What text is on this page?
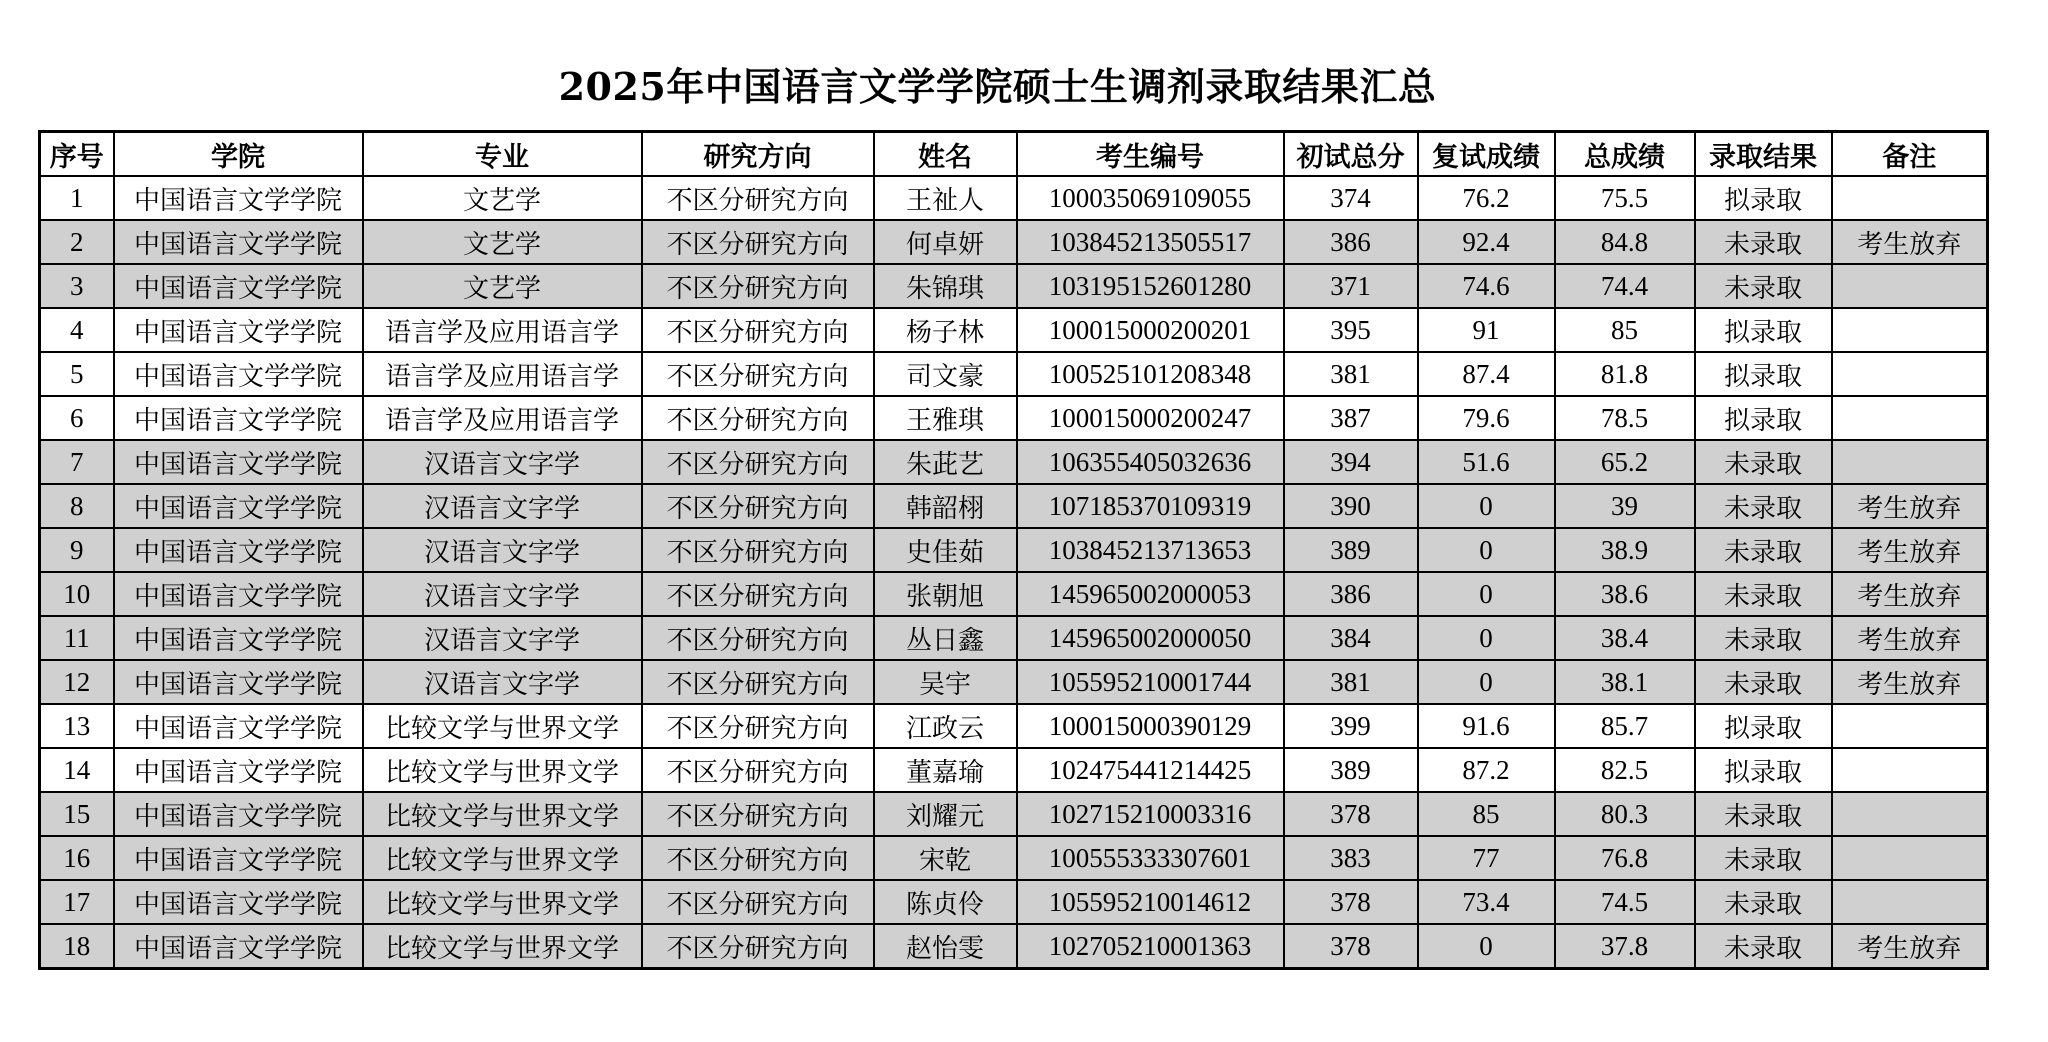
2025年中国语言文学学院硕士生调剂录取结果汇总
序号	学院	专业	研究方向	姓名	考生编号	初试总分	复试成绩	总成绩	录取结果	备注
1	中国语言文学学院	文艺学	不区分研究方向	王祉人	100035069109055	374	76.2	75.5	拟录取	
2	中国语言文学学院	文艺学	不区分研究方向	何卓妍	103845213505517	386	92.4	84.8	未录取	考生放弃
3	中国语言文学学院	文艺学	不区分研究方向	朱锦琪	103195152601280	371	74.6	74.4	未录取	
4	中国语言文学学院	语言学及应用语言学	不区分研究方向	杨子林	100015000200201	395	91	85	拟录取	
5	中国语言文学学院	语言学及应用语言学	不区分研究方向	司文豪	100525101208348	381	87.4	81.8	拟录取	
6	中国语言文学学院	语言学及应用语言学	不区分研究方向	王雅琪	100015000200247	387	79.6	78.5	拟录取	
7	中国语言文学学院	汉语言文字学	不区分研究方向	朱茈艺	106355405032636	394	51.6	65.2	未录取	
8	中国语言文学学院	汉语言文字学	不区分研究方向	韩韶栩	107185370109319	390	0	39	未录取	考生放弃
9	中国语言文学学院	汉语言文字学	不区分研究方向	史佳茹	103845213713653	389	0	38.9	未录取	考生放弃
10	中国语言文学学院	汉语言文字学	不区分研究方向	张朝旭	145965002000053	386	0	38.6	未录取	考生放弃
11	中国语言文学学院	汉语言文字学	不区分研究方向	丛日鑫	145965002000050	384	0	38.4	未录取	考生放弃
12	中国语言文学学院	汉语言文字学	不区分研究方向	吴宇	105595210001744	381	0	38.1	未录取	考生放弃
13	中国语言文学学院	比较文学与世界文学	不区分研究方向	江政云	100015000390129	399	91.6	85.7	拟录取	
14	中国语言文学学院	比较文学与世界文学	不区分研究方向	董嘉瑜	102475441214425	389	87.2	82.5	拟录取	
15	中国语言文学学院	比较文学与世界文学	不区分研究方向	刘耀元	102715210003316	378	85	80.3	未录取	
16	中国语言文学学院	比较文学与世界文学	不区分研究方向	宋乾	100555333307601	383	77	76.8	未录取	
17	中国语言文学学院	比较文学与世界文学	不区分研究方向	陈贞伶	105595210014612	378	73.4	74.5	未录取	
18	中国语言文学学院	比较文学与世界文学	不区分研究方向	赵怡雯	102705210001363	378	0	37.8	未录取	考生放弃
